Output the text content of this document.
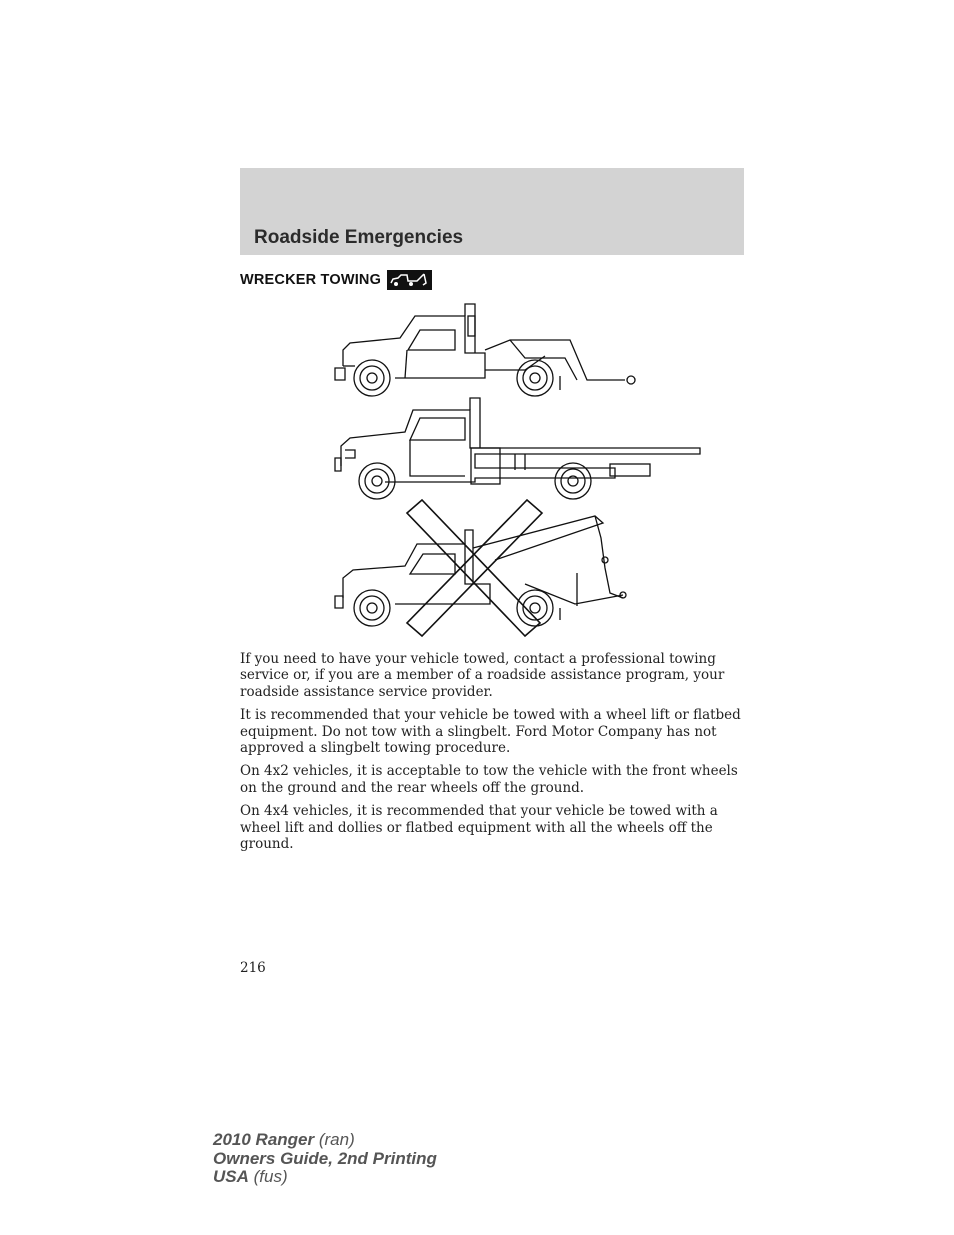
Roadside Emergencies
WRECKER TOWING

If you need to have your vehicle towed, contact a professional towing service or, if you are a member of a roadside assistance program, your roadside assistance service provider.

It is recommended that your vehicle be towed with a wheel lift or flatbed equipment. Do not tow with a slingbelt. Ford Motor Company has not approved a slingbelt towing procedure.

On 4x2 vehicles, it is acceptable to tow the vehicle with the front wheels on the ground and the rear wheels off the ground.

On 4x4 vehicles, it is recommended that your vehicle be towed with a wheel lift and dollies or flatbed equipment with all the wheels off the ground.

216
2010 Ranger (ran)
Owners Guide, 2nd Printing
USA (fus)
